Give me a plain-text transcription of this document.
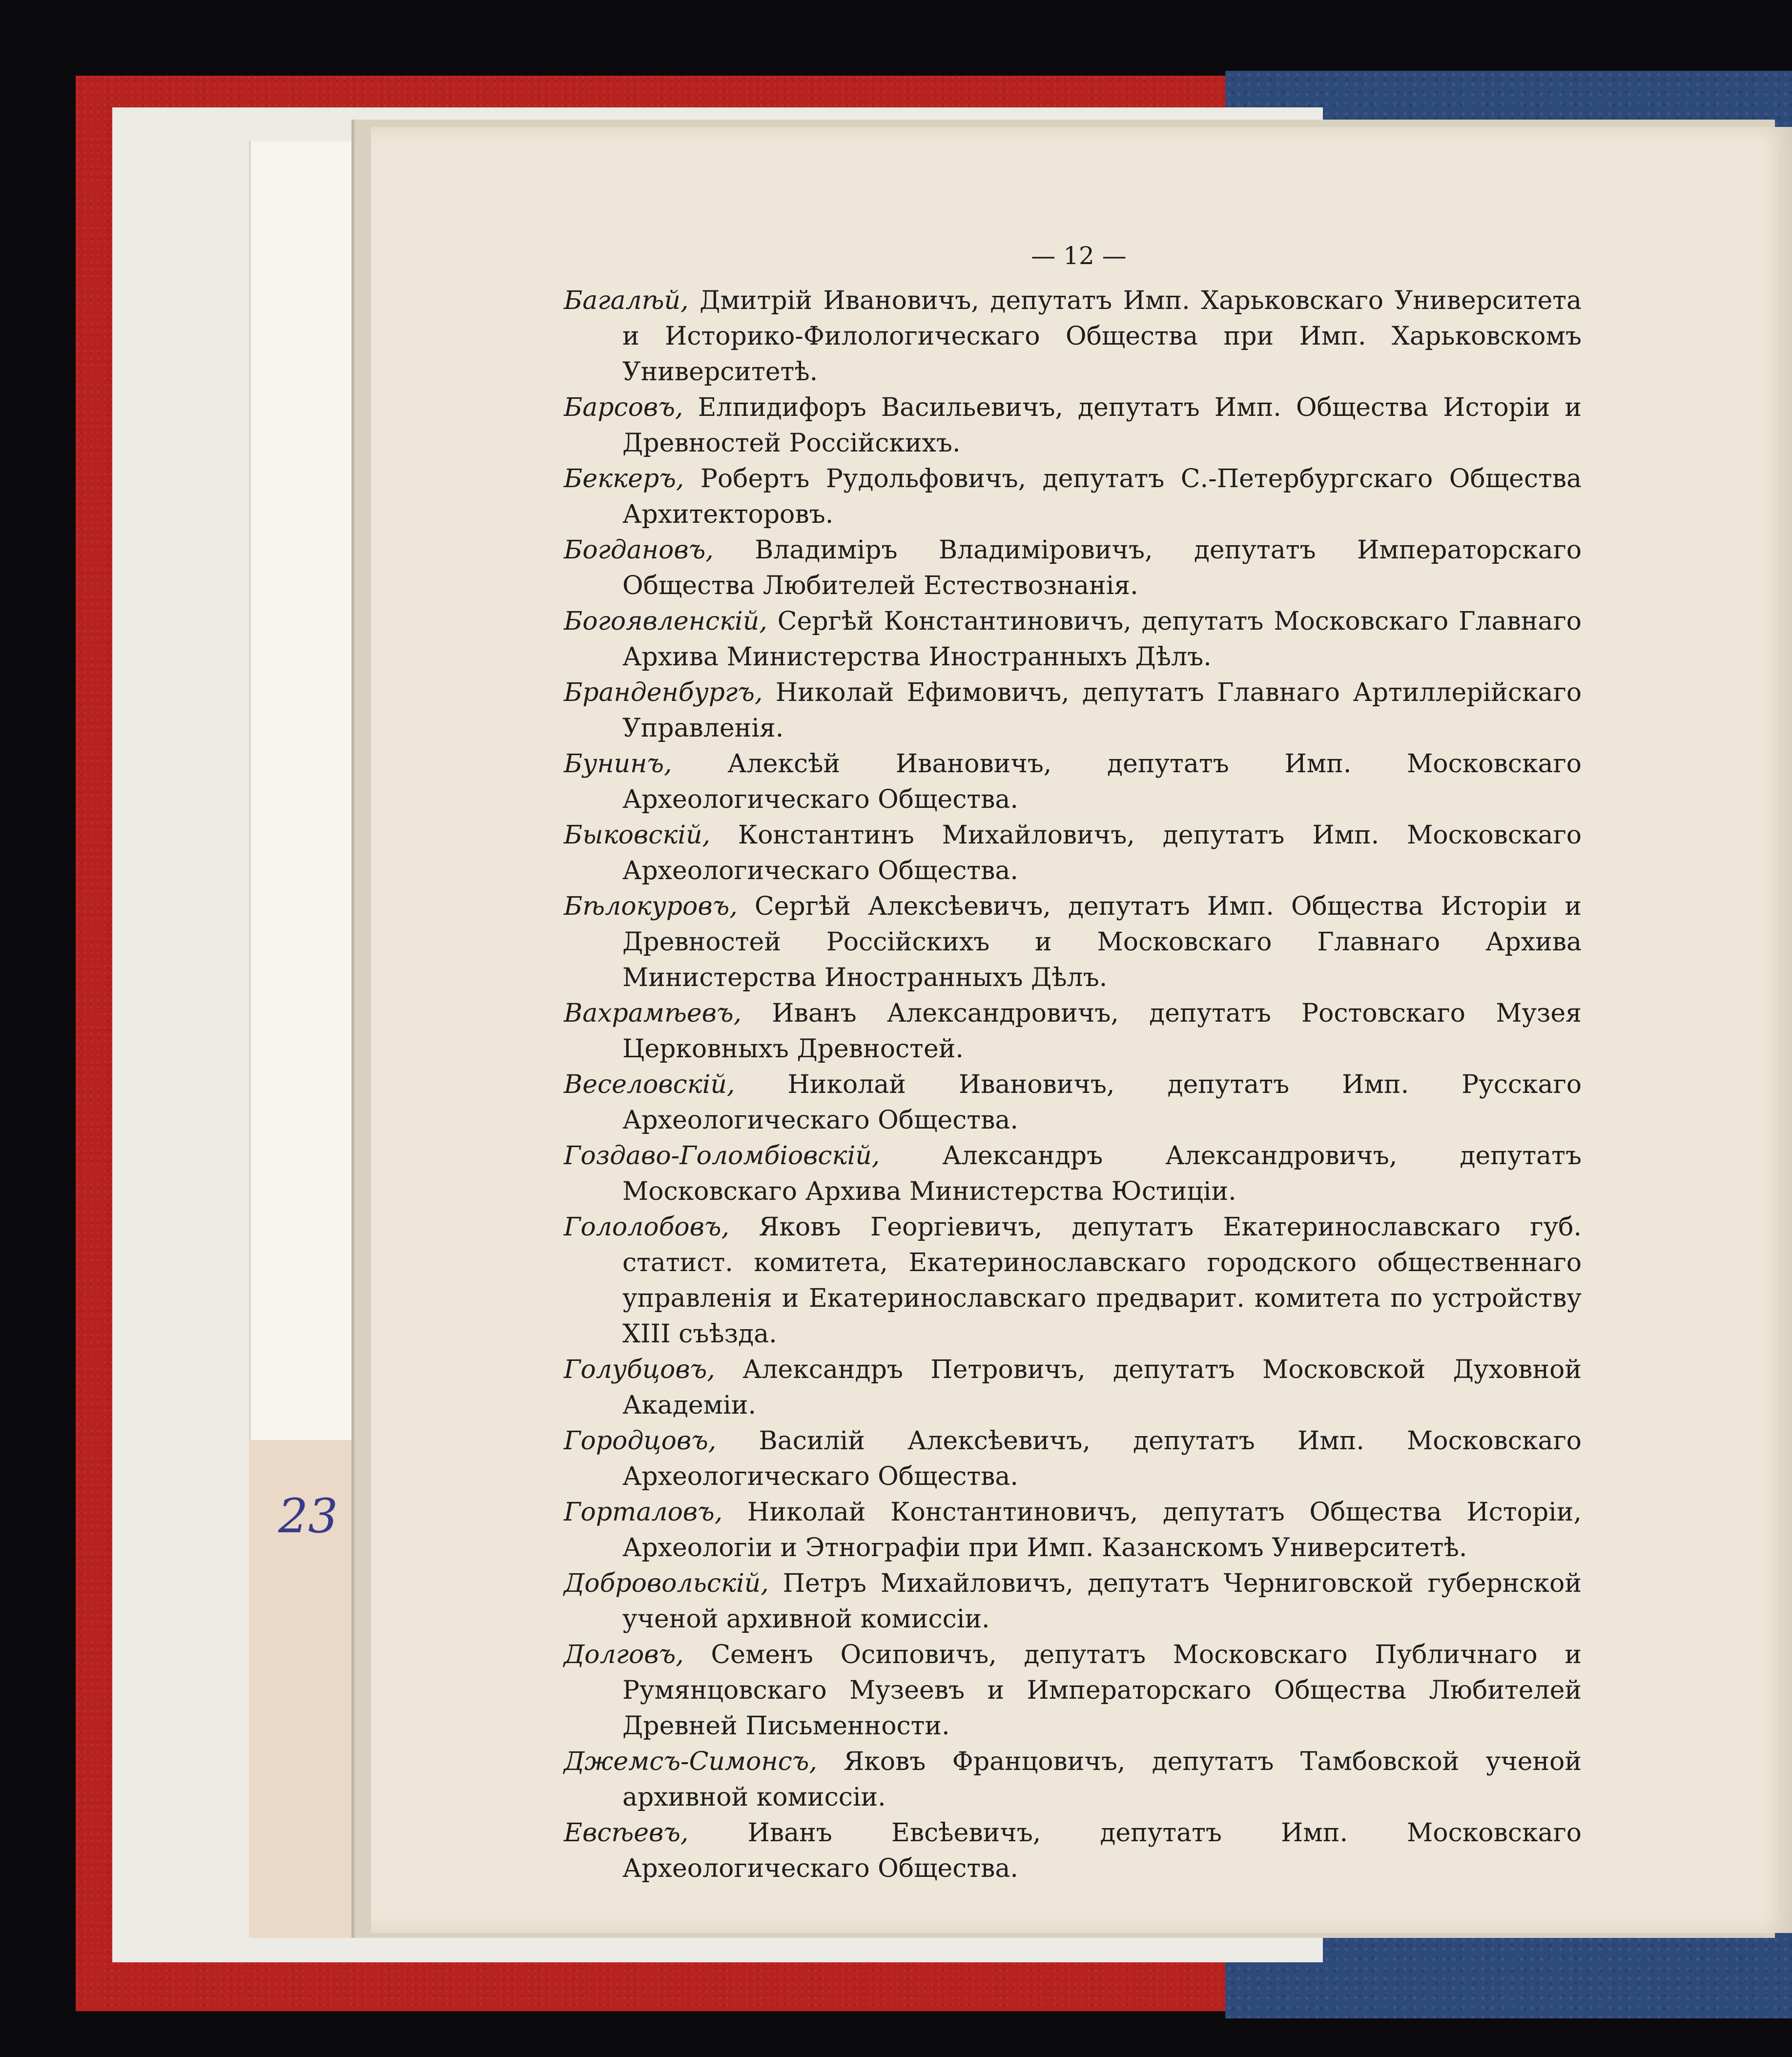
23
— 12 —

Багалѣй, Дмитрій Ивановичъ, депутатъ Имп. Харьковскаго Университета и Историко-Филологическаго Общества при Имп. Харьковскомъ Университетѣ.

Барсовъ, Елпидифоръ Васильевичъ, депутатъ Имп. Общества Исторіи и Древностей Россійскихъ.

Беккеръ, Робертъ Рудольфовичъ, депутатъ С.-Петербургскаго Общества Архитекторовъ.

Богдановъ, Владиміръ Владиміровичъ, депутатъ Императорскаго Общества Любителей Естествознанія.

Богоявленскій, Сергѣй Константиновичъ, депутатъ Московскаго Главнаго Архива Министерства Иностранныхъ Дѣлъ.

Бранденбургъ, Николай Ефимовичъ, депутатъ Главнаго Артиллерійскаго Управленія.

Бунинъ, Алексѣй Ивановичъ, депутатъ Имп. Московскаго Археологическаго Общества.

Быковскій, Константинъ Михайловичъ, депутатъ Имп. Московскаго Археологическаго Общества.

Бѣлокуровъ, Сергѣй Алексѣевичъ, депутатъ Имп. Общества Исторіи и Древностей Россійскихъ и Московскаго Главнаго Архива Министерства Иностранныхъ Дѣлъ.

Вахрамѣевъ, Иванъ Александровичъ, депутатъ Ростовскаго Музея Церковныхъ Древностей.

Веселовскій, Николай Ивановичъ, депутатъ Имп. Русскаго Археологическаго Общества.

Гоздаво-Голомбіовскій, Александръ Александровичъ, депутатъ Московскаго Архива Министерства Юстиціи.

Гололобовъ, Яковъ Георгіевичъ, депутатъ Екатеринославскаго губ. статист. комитета, Екатеринославскаго городского общественнаго управленія и Екатеринославскаго предварит. комитета по устройству XIII съѣзда.

Голубцовъ, Александръ Петровичъ, депутатъ Московской Духовной Академіи.

Городцовъ, Василій Алексѣевичъ, депутатъ Имп. Московскаго Археологическаго Общества.

Горталовъ, Николай Константиновичъ, депутатъ Общества Исторіи, Археологіи и Этнографіи при Имп. Казанскомъ Университетѣ.

Добровольскій, Петръ Михайловичъ, депутатъ Черниговской губернской ученой архивной комиссіи.

Долговъ, Семенъ Осиповичъ, депутатъ Московскаго Публичнаго и Румянцовскаго Музеевъ и Императорскаго Общества Любителей Древней Письменности.

Джемсъ-Симонсъ, Яковъ Францовичъ, депутатъ Тамбовской ученой архивной комиссіи.

Евсѣевъ, Иванъ Евсѣевичъ, депутатъ Имп. Московскаго Археологическаго Общества.
